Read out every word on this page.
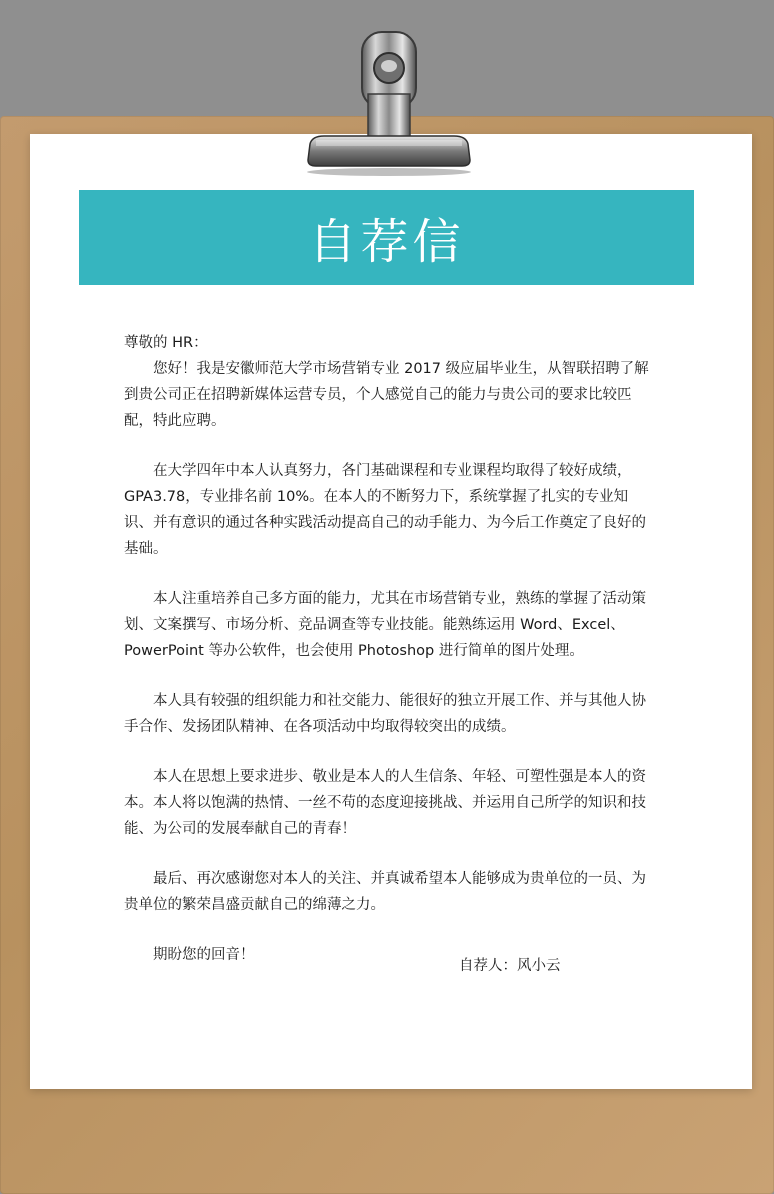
自荐信
尊敬的 HR：

您好！我是安徽师范大学市场营销专业 2017 级应届毕业生，从智联招聘了解到贵公司正在招聘新媒体运营专员，个人感觉自己的能力与贵公司的要求比较匹配，特此应聘。

在大学四年中本人认真努力，各门基础课程和专业课程均取得了较好成绩，GPA3.78，专业排名前 10%。在本人的不断努力下，系统掌握了扎实的专业知识、并有意识的通过各种实践活动提高自己的动手能力、为今后工作奠定了良好的基础。

本人注重培养自己多方面的能力，尤其在市场营销专业，熟练的掌握了活动策划、文案撰写、市场分析、竞品调查等专业技能。能熟练运用 Word、Excel、PowerPoint 等办公软件，也会使用 Photoshop 进行简单的图片处理。

本人具有较强的组织能力和社交能力、能很好的独立开展工作、并与其他人协手合作、发扬团队精神、在各项活动中均取得较突出的成绩。

本人在思想上要求进步、敬业是本人的人生信条、年轻、可塑性强是本人的资本。本人将以饱满的热情、一丝不苟的态度迎接挑战、并运用自己所学的知识和技能、为公司的发展奉献自己的青春！

最后、再次感谢您对本人的关注、并真诚希望本人能够成为贵单位的一员、为贵单位的繁荣昌盛贡献自己的绵薄之力。

期盼您的回音！
自荐人：风小云
